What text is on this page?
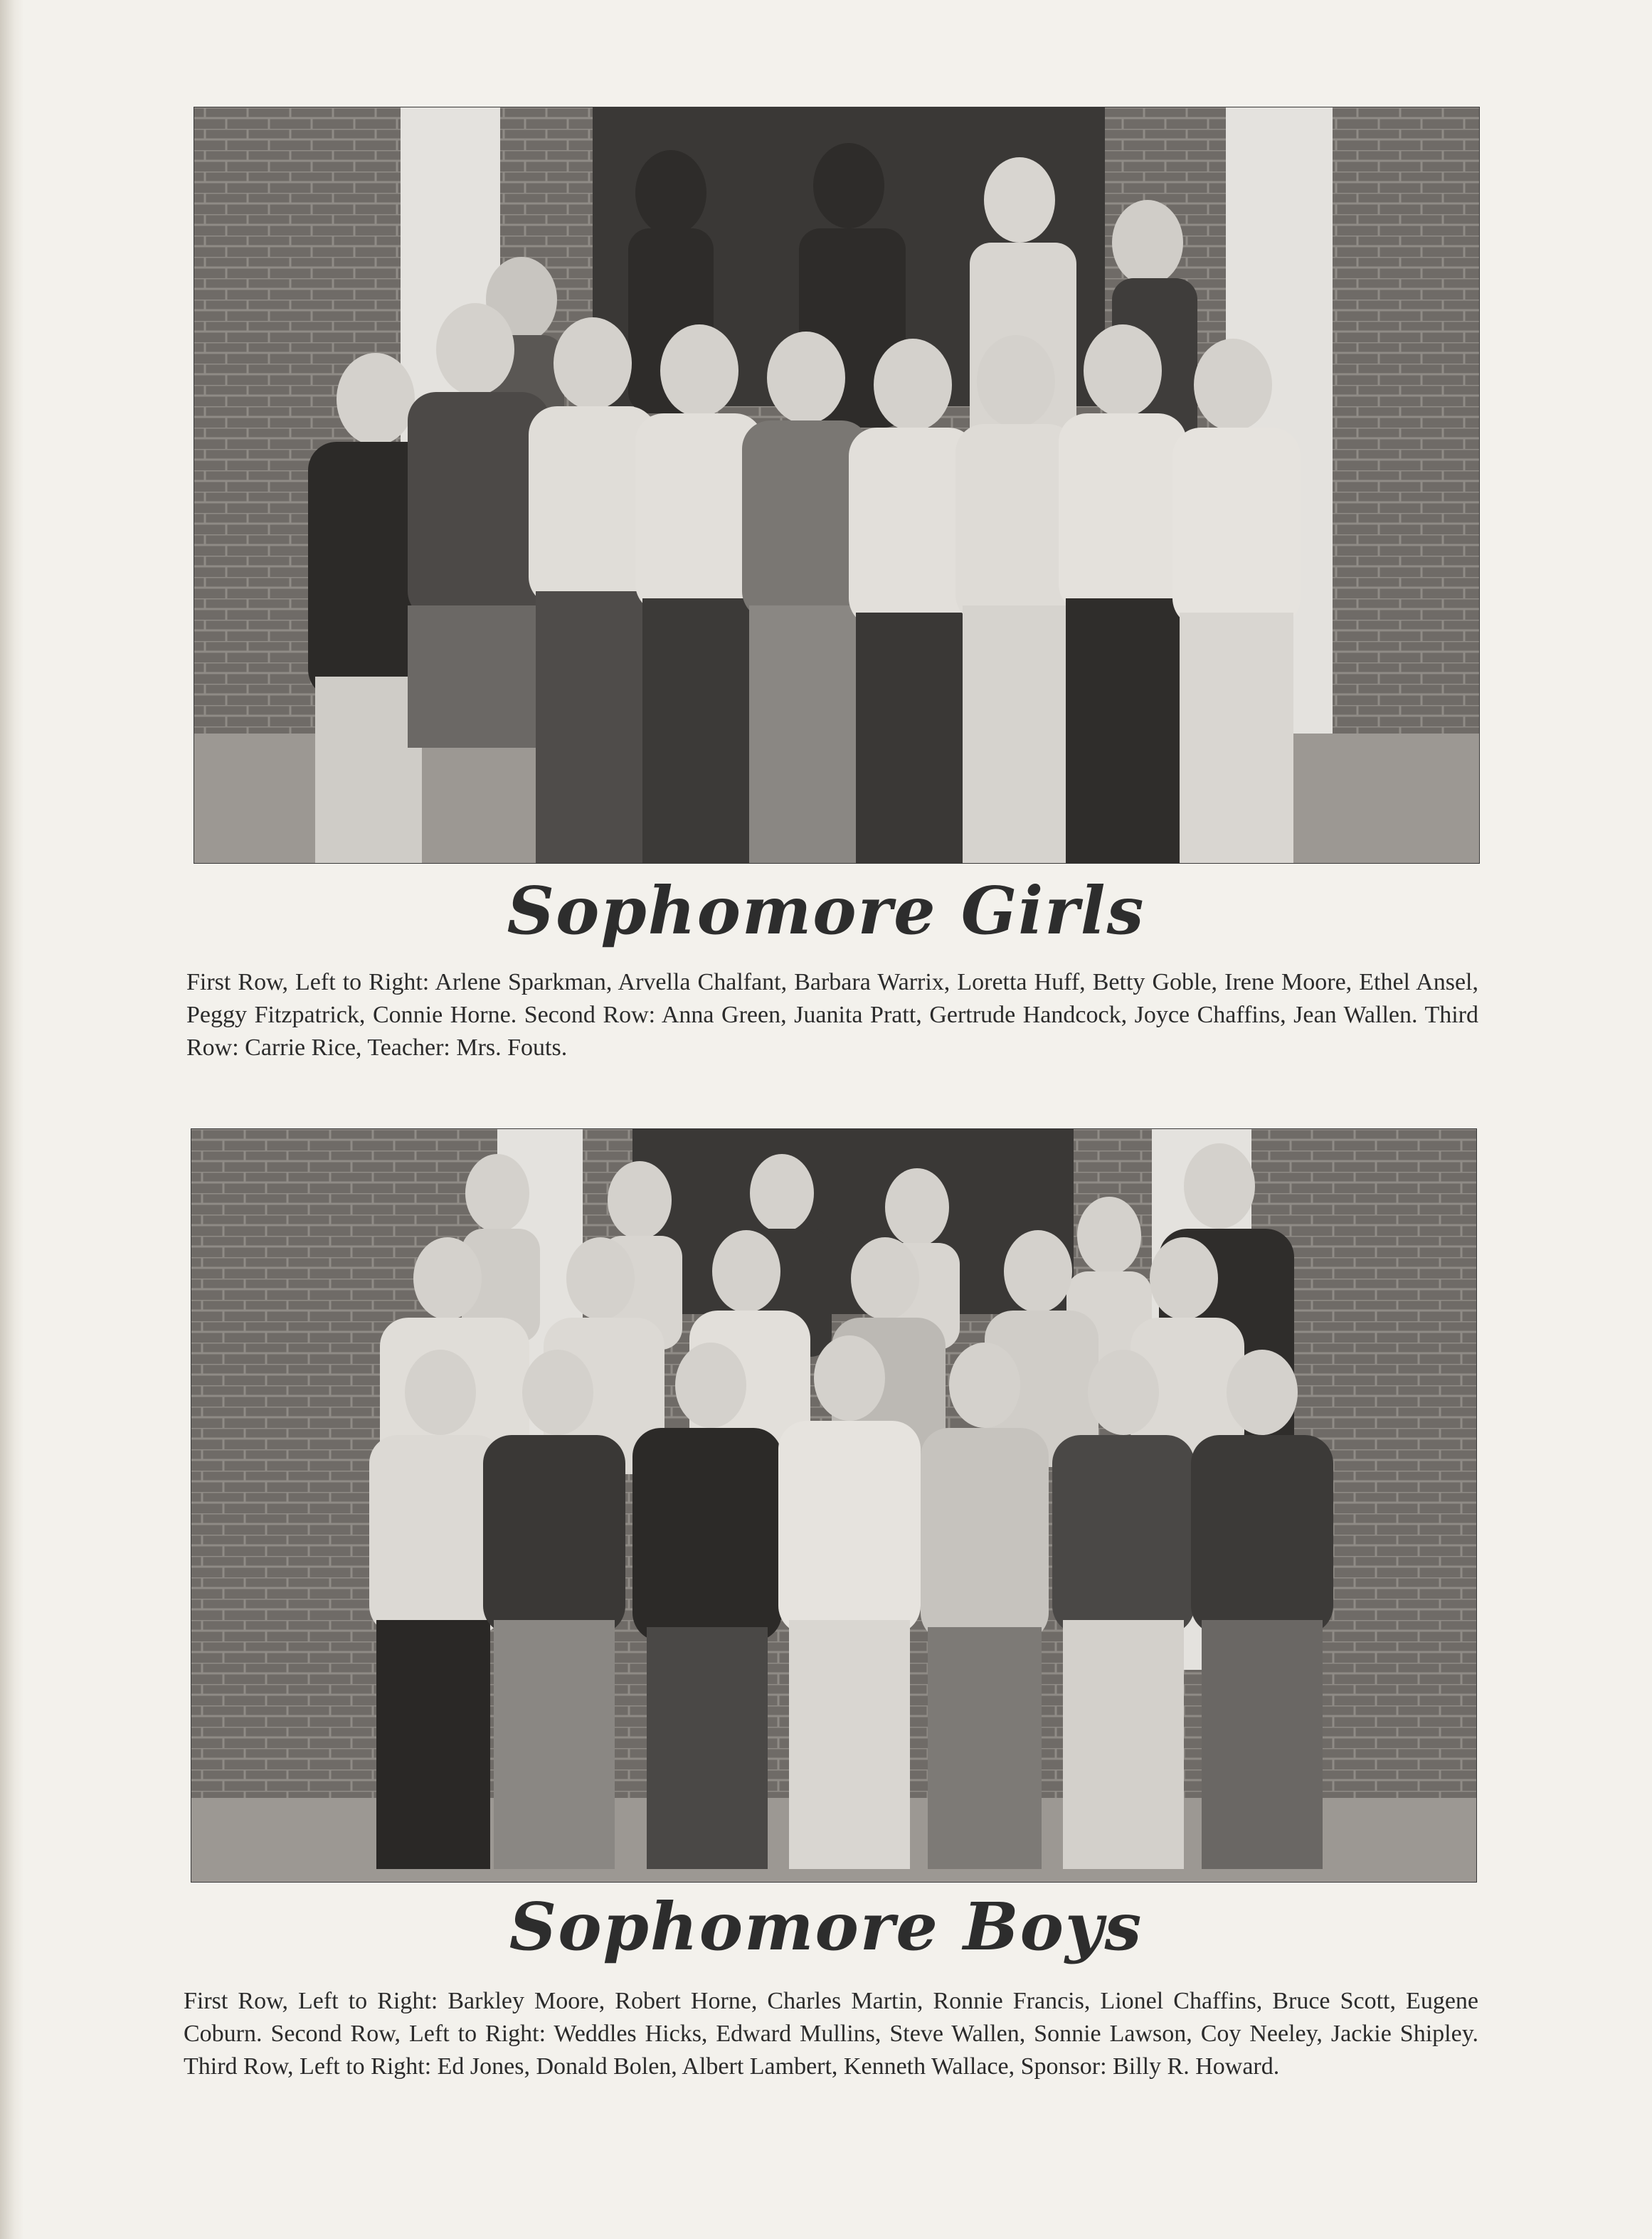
Sophomore Girls

First Row, Left to Right: Arlene Sparkman, Arvella Chalfant, Barbara Warrix, Loretta Huff, Betty Goble, Irene Moore, Ethel Ansel, Peggy Fitzpatrick, Connie Horne. Second Row: Anna Green, Juanita Pratt, Gertrude Handcock, Joyce Chaffins, Jean Wallen. Third Row: Carrie Rice, Teacher: Mrs. Fouts.

Sophomore Boys

First Row, Left to Right: Barkley Moore, Robert Horne, Charles Martin, Ronnie Francis, Lionel Chaffins, Bruce Scott, Eugene Coburn. Second Row, Left to Right: Weddles Hicks, Edward Mullins, Steve Wallen, Sonnie Lawson, Coy Neeley, Jackie Shipley. Third Row, Left to Right: Ed Jones, Donald Bolen, Albert Lambert, Kenneth Wallace, Sponsor: Billy R. Howard.
